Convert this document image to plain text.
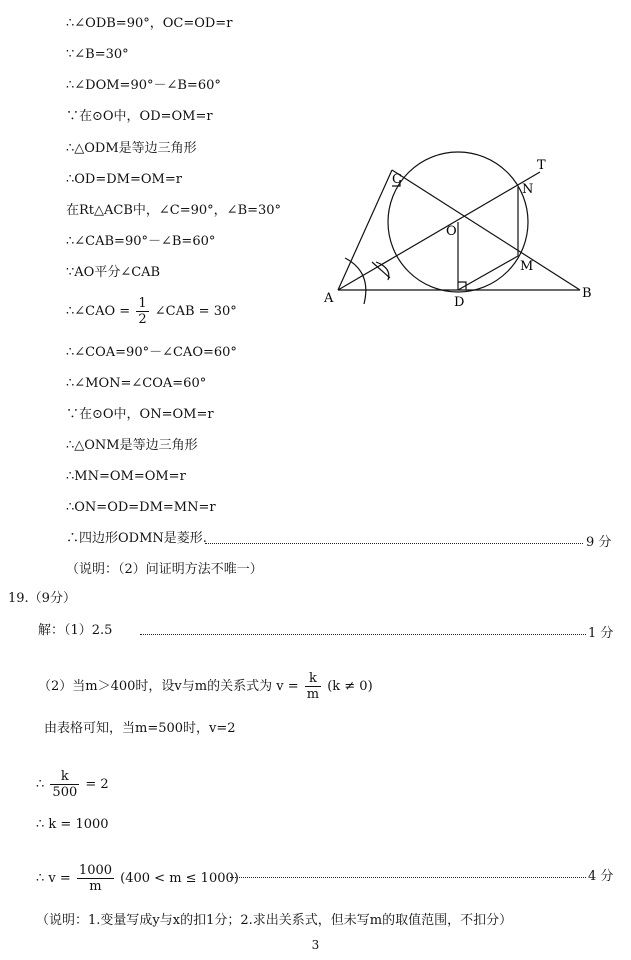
∴∠ODB=90°，OC=OD=r
∵∠B=30°
∴∠DOM=90°－∠B=60°
∵在⊙O中，OD=OM=r
∴△ODM是等边三角形
∴OD=DM=OM=r
在Rt△ACB中，∠C=90°，∠B=30°
∴∠CAB=90°－∠B=60°
∵AO平分∠CAB
∴∠CAO = $\frac{1}{2}$ ∠CAB = 30°
∴∠COA=90°－∠CAO=60°
∴∠MON=∠COA=60°
∵在⊙O中，ON=OM=r
∴△ONM是等边三角形
∴MN=OM=OM=r
∴ON=OD=DM=MN=r
∴四边形ODMN是菱形.	9 分
（说明：（2）问证明方法不唯一）
19.（9分）
解：（1）2.5	1 分
（2）当m＞400时，设v与m的关系式为 $v = \frac{k}{m} (k \ne 0)$
由表格可知，当m=500时，v=2
∴ $\frac{k}{500} = 2$
∴ k = 1000
∴ $v = \frac{1000}{m} (400 < m \le 1000)$	4 分
（说明：1.变量写成y与x的扣1分；2.求出关系式，但未写m的取值范围，不扣分）
3
C
T
N
O
M
A	D
B
